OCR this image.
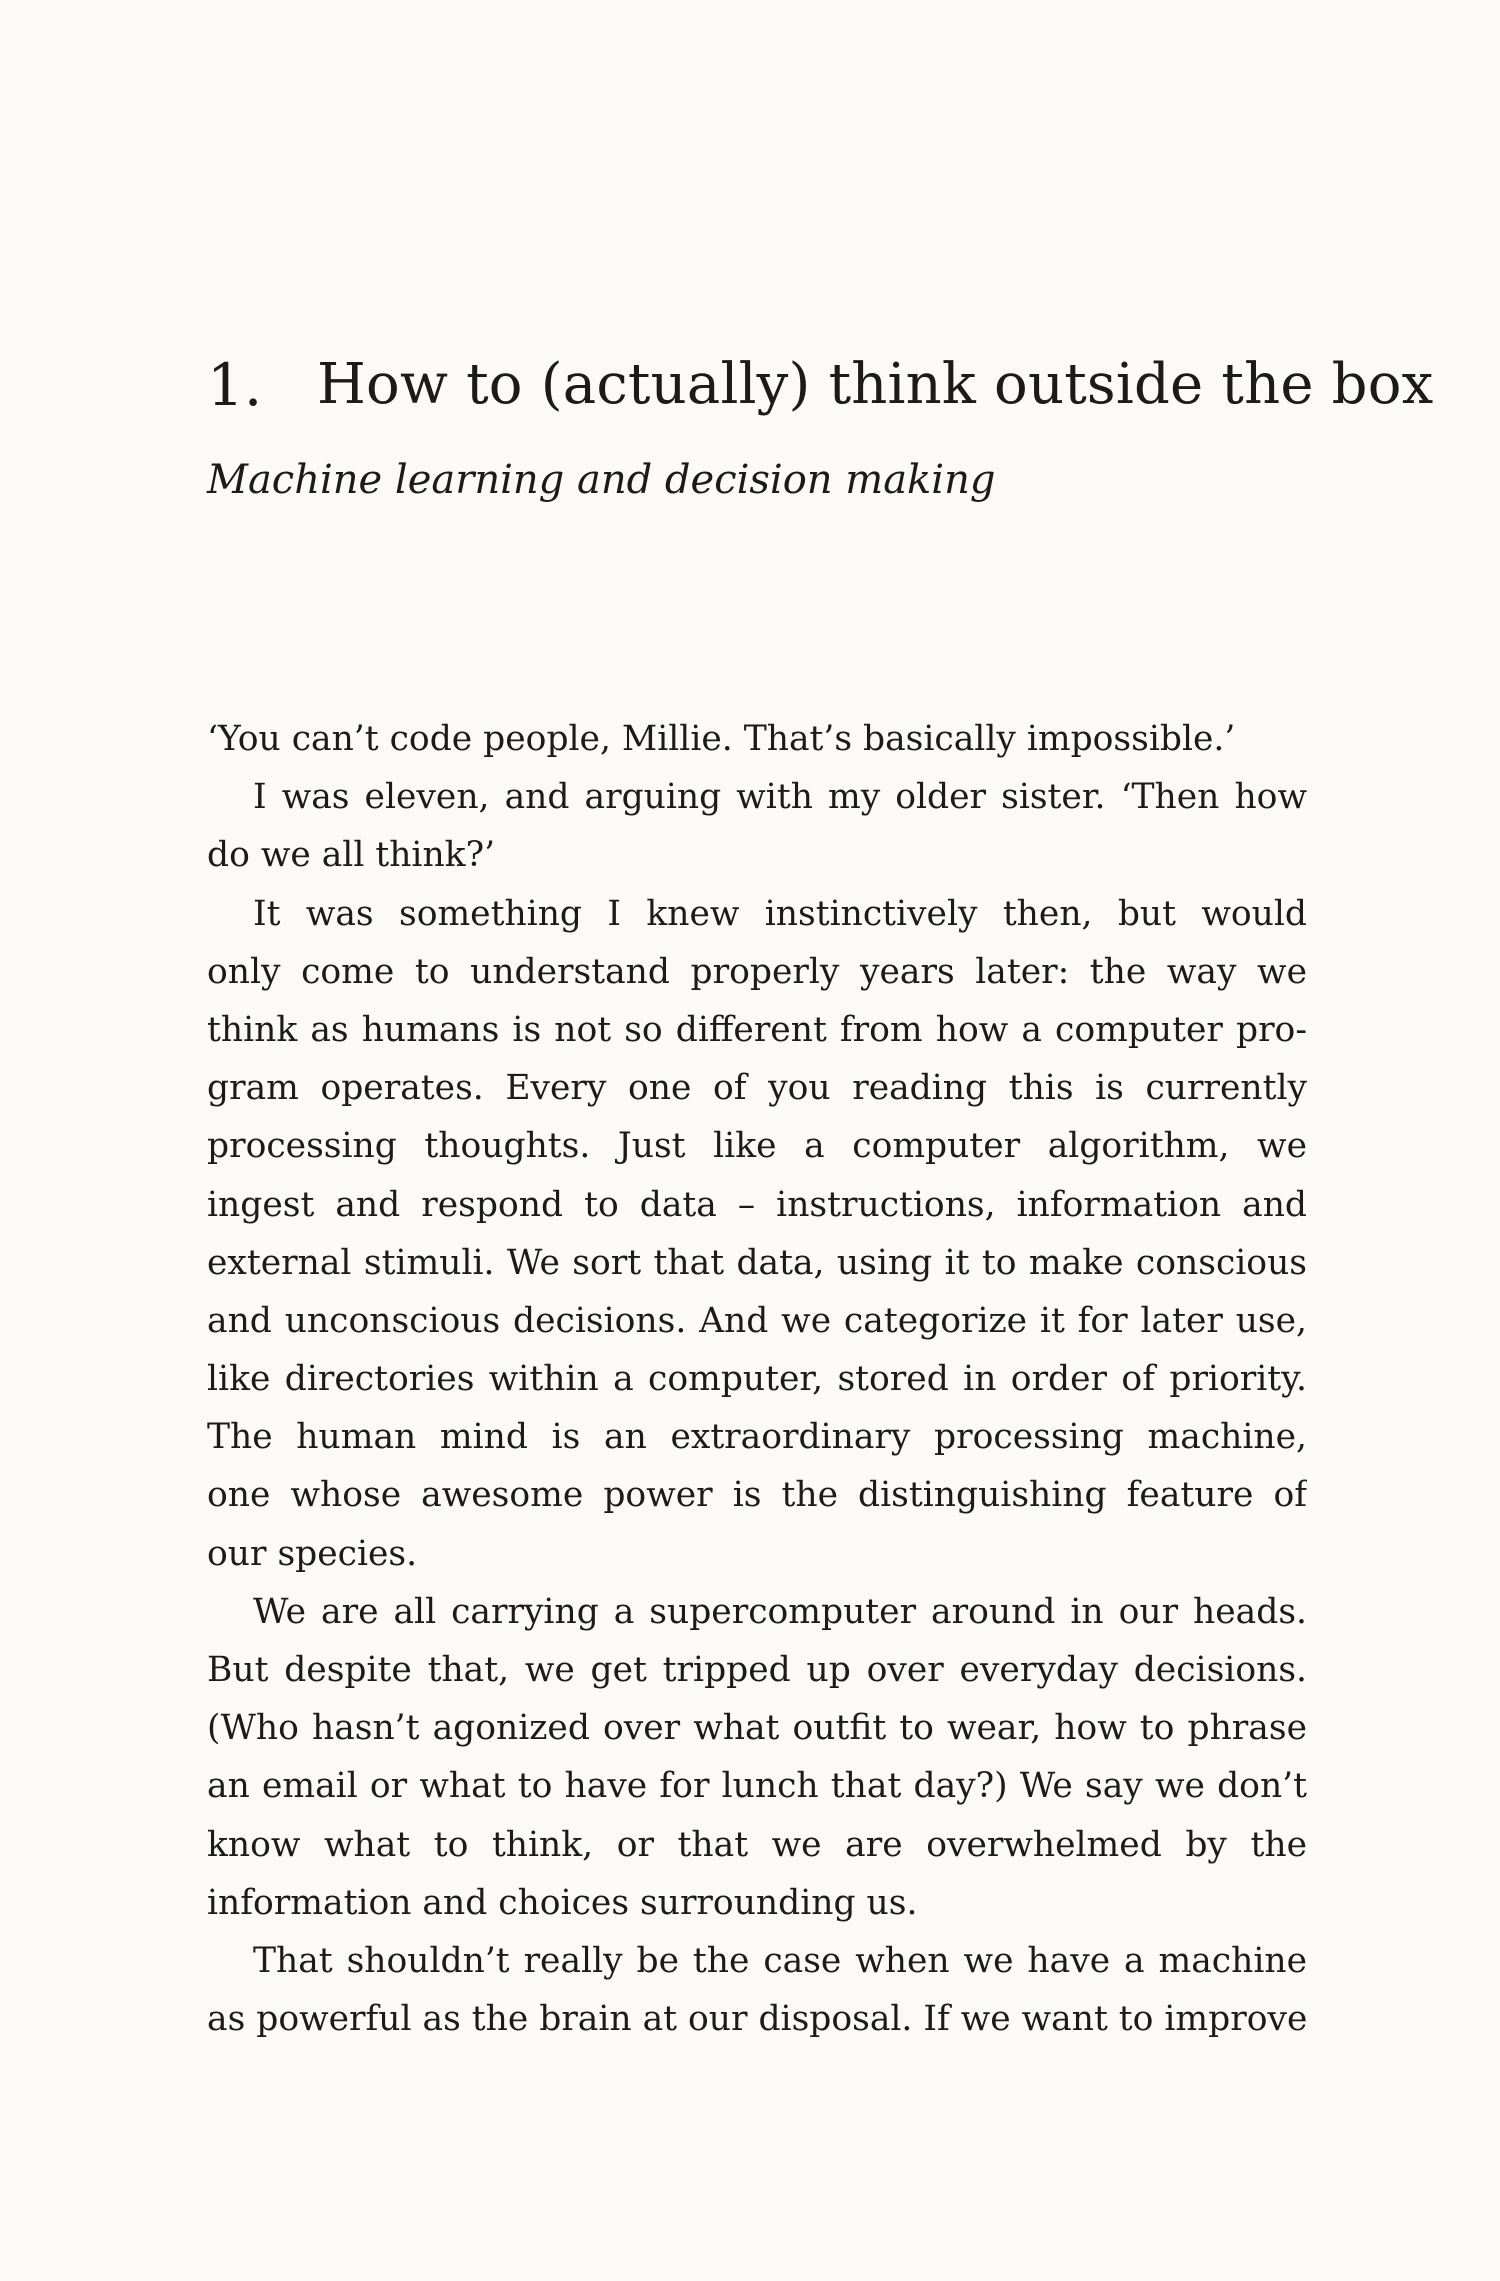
1. How to (actually) think outside the box
Machine learning and decision making
‘You can’t code people, Millie. That’s basically impossible.’
I was eleven, and arguing with my older sister. ‘Then how
do we all think?’
It was something I knew instinctively then, but would
only come to understand properly years later: the way we
think as humans is not so different from how a computer pro-
gram operates. Every one of you reading this is currently
processing thoughts. Just like a computer algorithm, we
ingest and respond to data – instructions, information and
external stimuli. We sort that data, using it to make conscious
and unconscious decisions. And we categorize it for later use,
like directories within a computer, stored in order of priority.
The human mind is an extraordinary processing machine,
one whose awesome power is the distinguishing feature of
our species.
We are all carrying a supercomputer around in our heads.
But despite that, we get tripped up over everyday decisions.
(Who hasn’t agonized over what outfit to wear, how to phrase
an email or what to have for lunch that day?) We say we don’t
know what to think, or that we are overwhelmed by the
information and choices surrounding us.
That shouldn’t really be the case when we have a machine
as powerful as the brain at our disposal. If we want to improve
